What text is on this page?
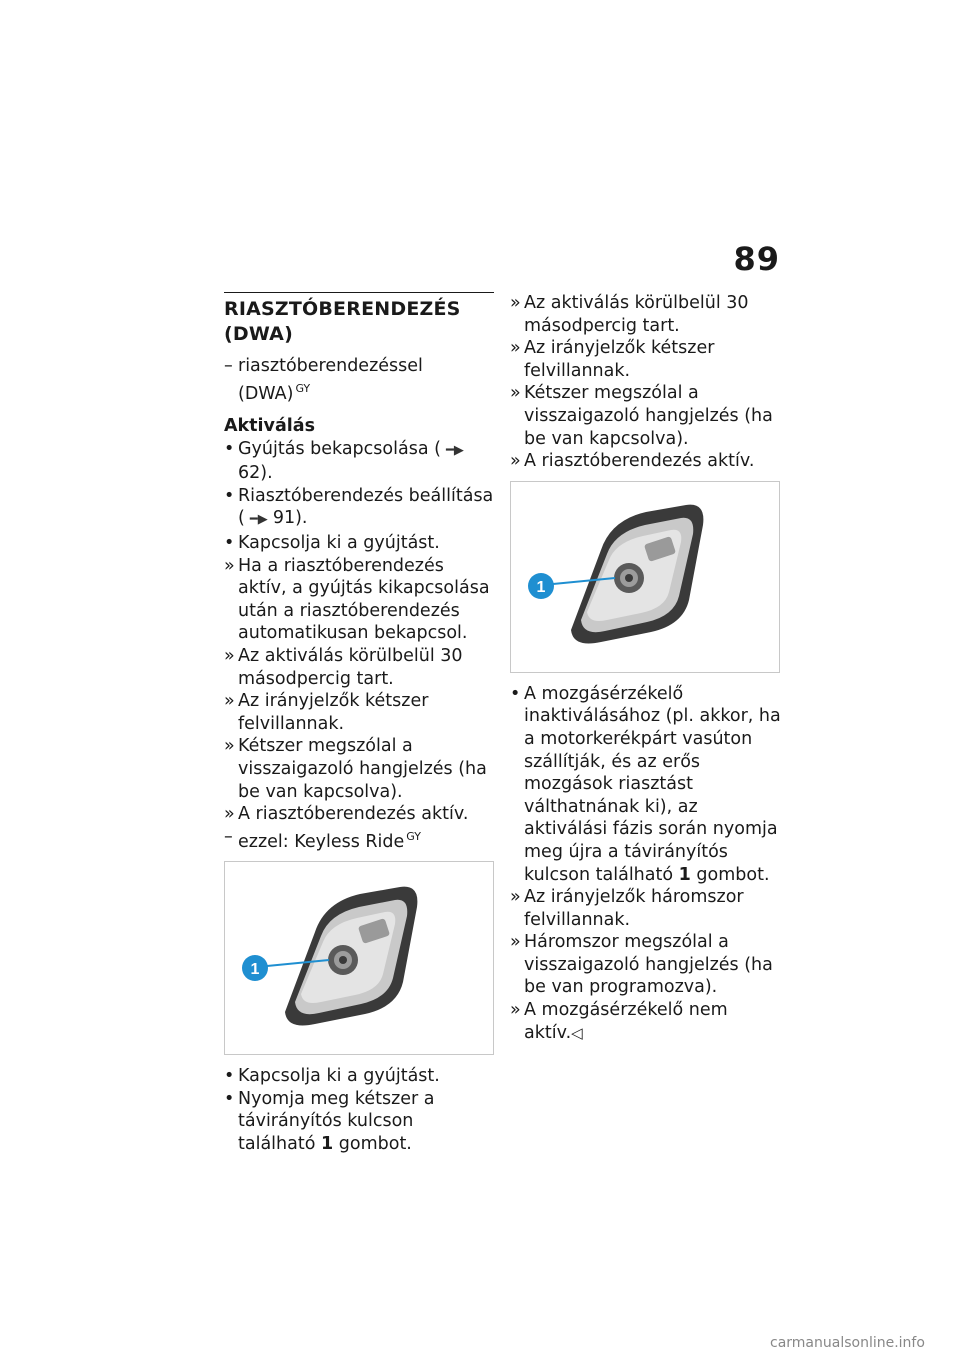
89
RIASZTÓBERENDEZÉS (DWA)
– riasztóberendezéssel (DWA) $^{GY}$
Aktiválás
• Gyújtás bekapcsolása ( ━▶62).
• Riasztóberendezés beállítása ( ━▶ 91).
• Kapcsolja ki a gyújtást.
» Ha a riasztóberendezés aktív, a gyújtás kikapcsolása után a riasztóberendezés automatikusan bekapcsol.
» Az aktiválás körülbelül 30 másodpercig tart.
» Az irányjelzők kétszer felvillannak.
» Kétszer megszólal a visszaigazoló hangjelzés (ha be van kapcsolva).
» A riasztóberendezés aktív.
– ezzel: Keyless Ride $^{GY}$
1
• Kapcsolja ki a gyújtást.
• Nyomja meg kétszer a távirányítós kulcson található 1 gombot.
» Az aktiválás körülbelül 30 másodpercig tart.
» Az irányjelzők kétszer felvillannak.
» Kétszer megszólal a visszaigazoló hangjelzés (ha be van kapcsolva).
» A riasztóberendezés aktív.
1
• A mozgásérzékelő inaktiválásához (pl. akkor, ha a motorkerékpárt vasúton szállítják, és az erős mozgások riasztást válthatnának ki), az aktiválási fázis során nyomja meg újra a távirányítós kulcson található 1 gombot.
» Az irányjelzők háromszor felvillannak.
» Háromszor megszólal a visszaigazoló hangjelzés (ha be van programozva).
» A mozgásérzékelő nem aktív.◁
carmanualsonline.info
